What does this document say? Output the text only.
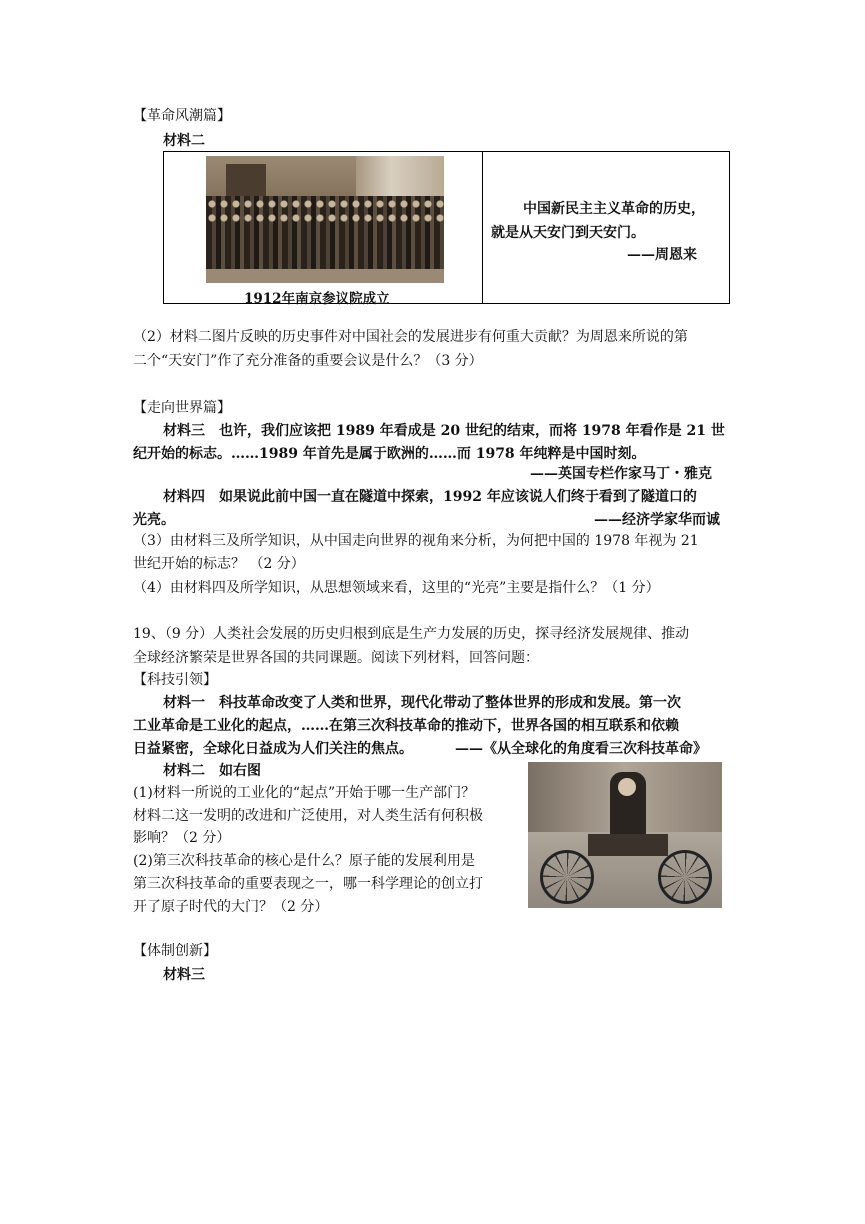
【革命风潮篇】
材料二
1912年南京参议院成立

中国新民主主义革命的历史，
就是从天安门到天安门。
——周恩来
（2）材料二图片反映的历史事件对中国社会的发展进步有何重大贡献？为周恩来所说的第
二个“天安门”作了充分准备的重要会议是什么？（3 分）
【走向世界篇】
材料三　也许，我们应该把 1989 年看成是 20 世纪的结束，而将 1978 年看作是 21 世
纪开始的标志。……1989 年首先是属于欧洲的……而 1978 年纯粹是中国时刻。
——英国专栏作家马丁・雅克
材料四　如果说此前中国一直在隧道中探索，1992 年应该说人们终于看到了隧道口的
光亮。	——经济学家华而诚
（3）由材料三及所学知识，从中国走向世界的视角来分析，为何把中国的 1978 年视为 21
世纪开始的标志？ （2 分）
（4）由材料四及所学知识，从思想领域来看，这里的“光亮”主要是指什么？（1 分）
19、（9 分）人类社会发展的历史归根到底是生产力发展的历史，探寻经济发展规律、推动
全球经济繁荣是世界各国的共同课题。阅读下列材料，回答问题：
【科技引领】
材料一　科技革命改变了人类和世界，现代化带动了整体世界的形成和发展。第一次
工业革命是工业化的起点，……在第三次科技革命的推动下，世界各国的相互联系和依赖
日益紧密，全球化日益成为人们关注的焦点。	——《从全球化的角度看三次科技革命》
材料二　如右图
(1)材料一所说的工业化的“起点”开始于哪一生产部门？
材料二这一发明的改进和广泛使用，对人类生活有何积极
影响？（2 分）
(2)第三次科技革命的核心是什么？原子能的发展利用是
第三次科技革命的重要表现之一，哪一科学理论的创立打
开了原子时代的大门？（2 分）
【体制创新】
材料三
